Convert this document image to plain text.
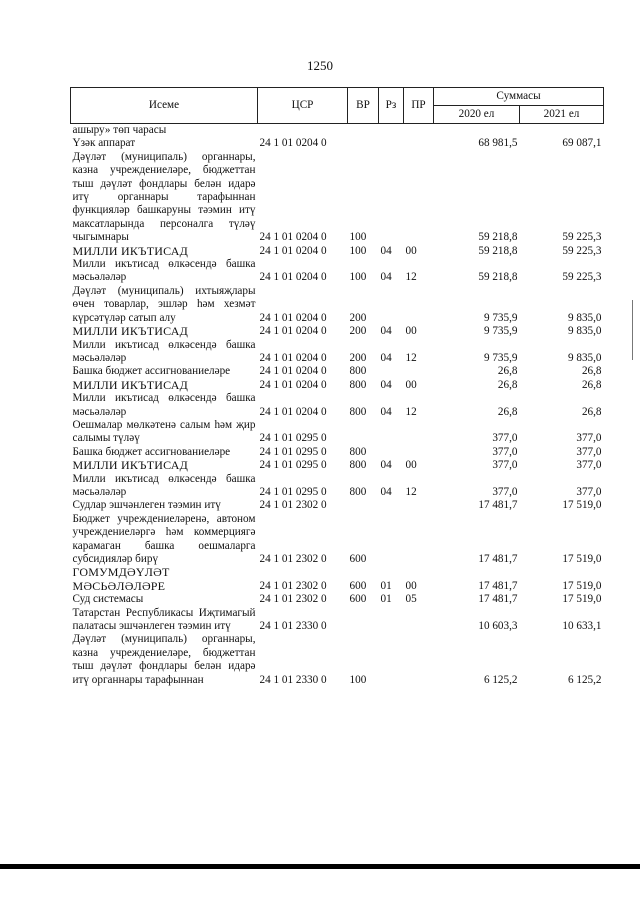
1250
Исеме	ЦСР	ВР	Рз	ПР	Суммасы	
					2020 ел	2021 ел
ашыру» төп чарасы						
Үзәк аппарат	24 1 01 0204 0				68 981,5	69 087,1
Дәүләт (муниципаль) органнары, казна учреждениеләре, бюджеттан тыш дәүләт фондлары белән идарә итү органнары тарафыннан функцияләр башкаруны тәэмин итү максатларында персоналга түләү чыгымнары	24 1 01 0204 0	100			59 218,8	59 225,3
МИЛЛИ ИКЪТИСАД	24 1 01 0204 0	100	04	00	59 218,8	59 225,3
Милли икътисад өлкәсендә башка мәсьәләләр	24 1 01 0204 0	100	04	12	59 218,8	59 225,3
Дәүләт (муниципаль) ихтыяҗлары өчен товарлар, эшләр һәм хезмәт күрсәтүләр сатып алу	24 1 01 0204 0	200			9 735,9	9 835,0
МИЛЛИ ИКЪТИСАД	24 1 01 0204 0	200	04	00	9 735,9	9 835,0
Милли икътисад өлкәсендә башка мәсьәләләр	24 1 01 0204 0	200	04	12	9 735,9	9 835,0
Башка бюджет ассигнованиеләре	24 1 01 0204 0	800			26,8	26,8
МИЛЛИ ИКЪТИСАД	24 1 01 0204 0	800	04	00	26,8	26,8
Милли икътисад өлкәсендә башка мәсьәләләр	24 1 01 0204 0	800	04	12	26,8	26,8
Оешмалар мөлкәтенә салым һәм җир салымы түләү	24 1 01 0295 0				377,0	377,0
Башка бюджет ассигнованиеләре	24 1 01 0295 0	800			377,0	377,0
МИЛЛИ ИКЪТИСАД	24 1 01 0295 0	800	04	00	377,0	377,0
Милли икътисад өлкәсендә башка мәсьәләләр	24 1 01 0295 0	800	04	12	377,0	377,0
Судлар эшчәнлеген тәэмин итү	24 1 01 2302 0				17 481,7	17 519,0
Бюджет учреждениеләренә, автоном учреждениеләргә һәм коммерциягә карамаган башка оешмаларга субсидияләр бирү	24 1 01 2302 0	600			17 481,7	17 519,0
ГОМУМДӘҮЛӘТ МӘСЬӘЛӘЛӘРЕ	24 1 01 2302 0	600	01	00	17 481,7	17 519,0
Суд системасы	24 1 01 2302 0	600	01	05	17 481,7	17 519,0
Татарстан Республикасы Иҗтимагый палатасы эшчәнлеген тәэмин итү	24 1 01 2330 0				10 603,3	10 633,1
Дәүләт (муниципаль) органнары, казна учреждениеләре, бюджеттан тыш дәүләт фондлары белән идарә итү органнары тарафыннан	24 1 01 2330 0	100			6 125,2	6 125,2
